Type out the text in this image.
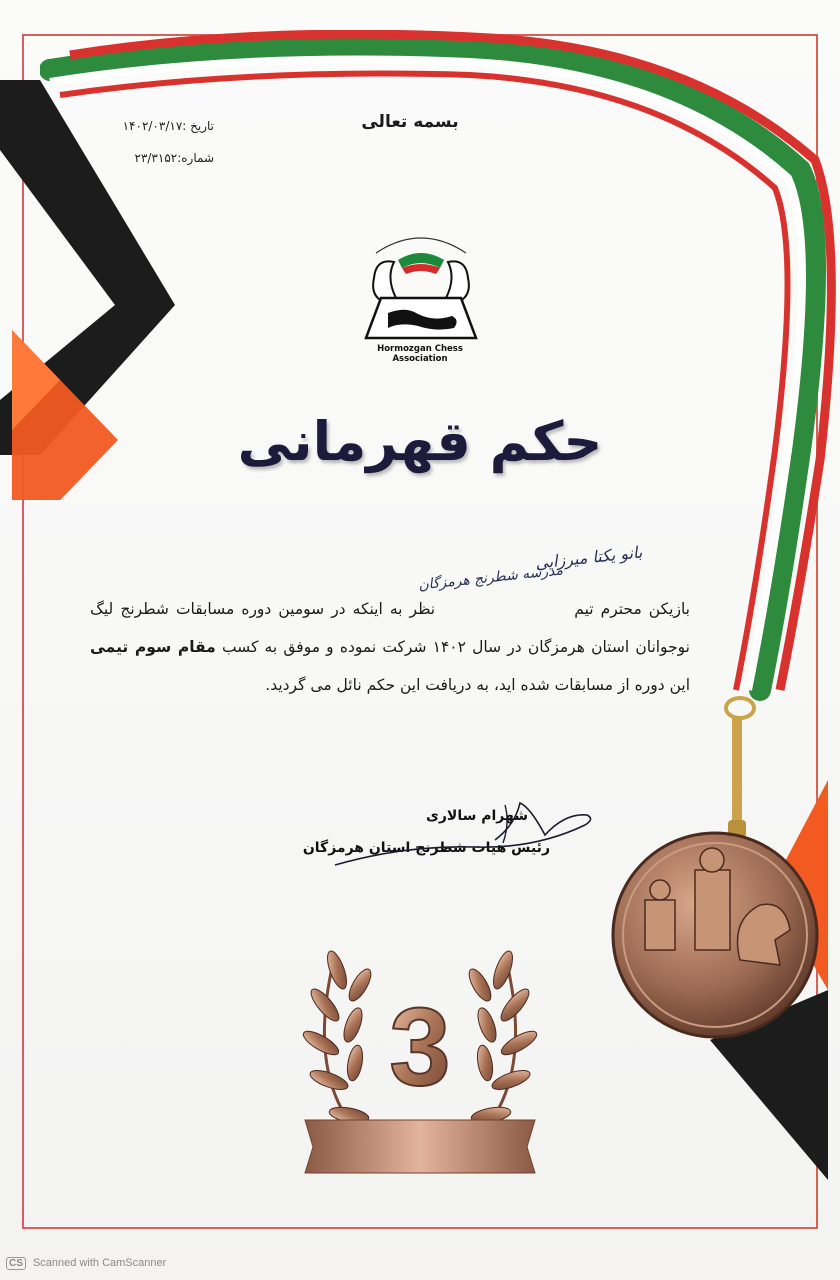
تاریخ :۱۴۰۲/۰۳/۱۷
شماره:۲۳/۳۱۵۲
بسمه تعالی
Hormozgan Chess Association
حکم قهرمانی
بانو یکتا میرزایی
مدرسه شطرنج هرمزگان
بازیکن محترم تیم  نظر به اینکه در سومین دوره مسابقات شطرنج لیگ نوجوانان استان هرمزگان در سال ۱۴۰۲ شرکت نموده و موفق به کسب مقام سوم تیمی این دوره از مسابقات شده اید، به دریافت این حکم نائل می گردید.
شهرام سالاری
رئیس هیات شطرنج استان هرمزگان
3
CS Scanned with CamScanner
